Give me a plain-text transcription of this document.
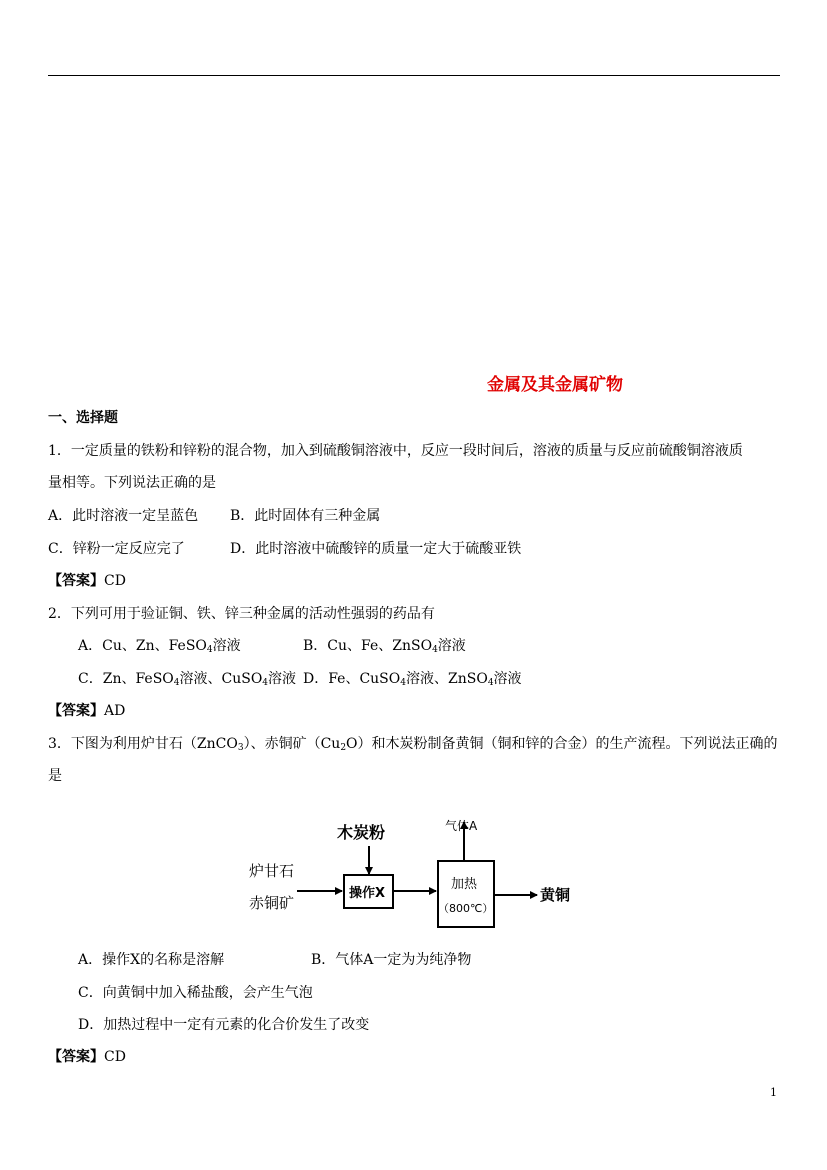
金属及其金属矿物
一、选择题
1．一定质量的铁粉和锌粉的混合物，加入到硫酸铜溶液中，反应一段时间后，溶液的质量与反应前硫酸铜溶液质
量相等。下列说法正确的是
A．此时溶液一定呈蓝色 B．此时固体有三种金属
C．锌粉一定反应完了	D．此时溶液中硫酸锌的质量一定大于硫酸亚铁
【答案】CD
2．下列可用于验证铜、铁、锌三种金属的活动性强弱的药品有
A．Cu、Zn、FeSO$_4$溶液	B．Cu、Fe、ZnSO$_4$溶液
C．Zn、FeSO$_4$溶液、CuSO$_4$溶液 D．Fe、CuSO$_4$溶液、ZnSO$_4$溶液
【答案】AD
3．下图为利用炉甘石（ZnCO$_3$）、赤铜矿$(Cu_2O)$和木炭粉制备黄铜（铜和锌的合金）的生产流程。下列说法正确的
是
炉甘石
赤铜矿
木炭粉
操作X
加热
（800℃）
气体A
黄铜
A．操作X的名称是溶解	B．气体A一定为为纯净物
C．向黄铜中加入稀盐酸，会产生气泡
D．加热过程中一定有元素的化合价发生了改变
【答案】CD
1
